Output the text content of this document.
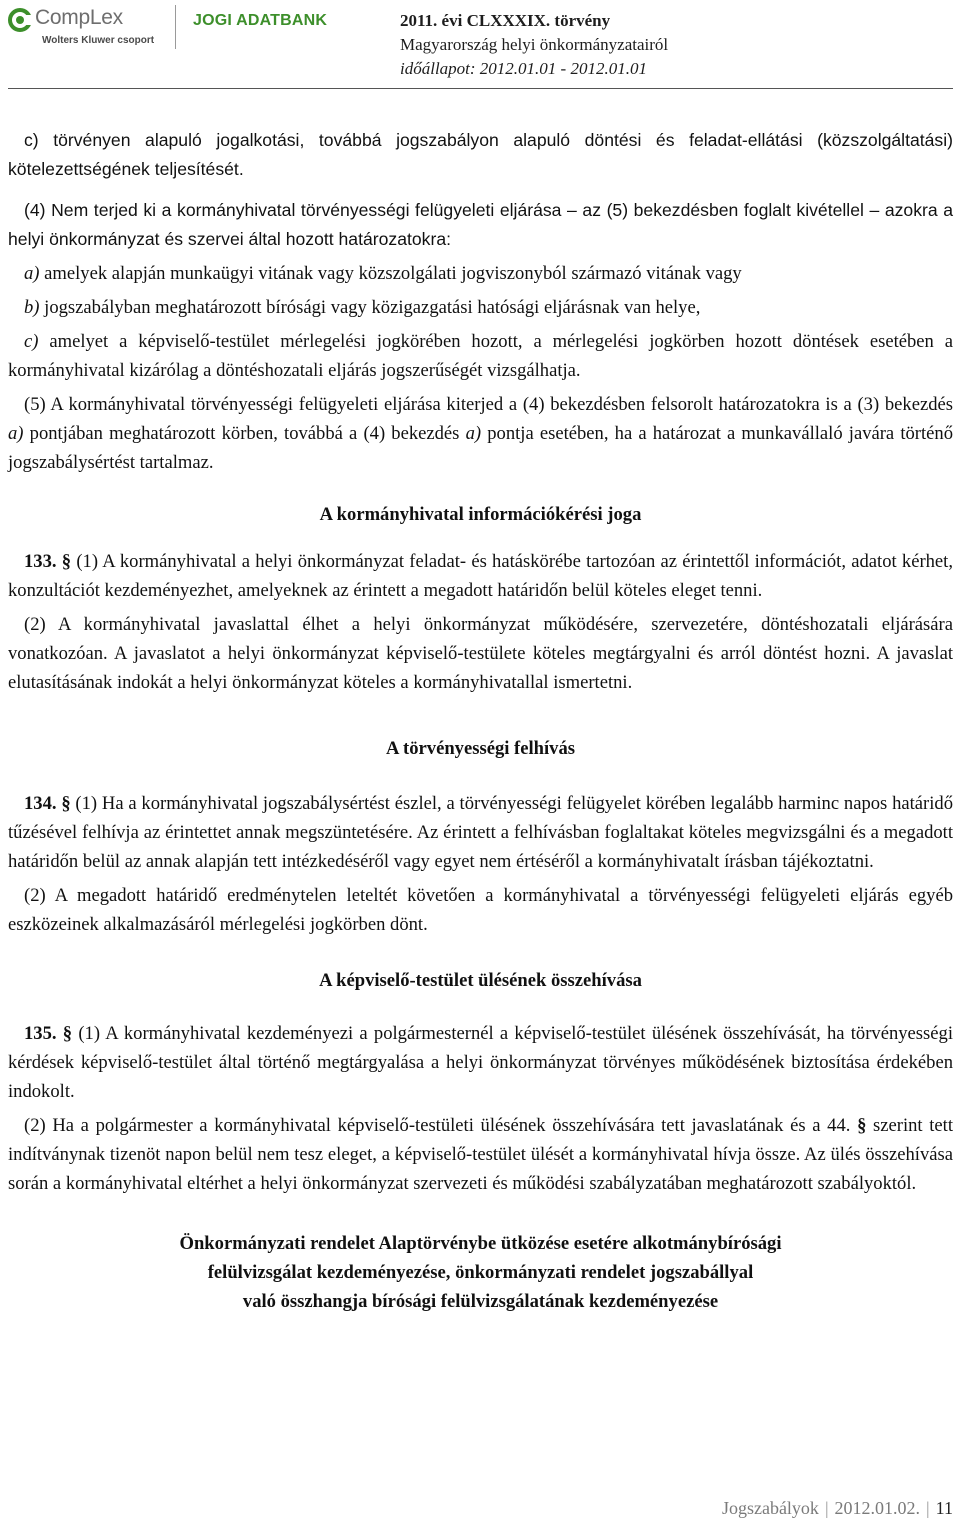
CompLex
Wolters Kluwer csoport
JOGI ADATBANK	2011. évi CLXXXIX. törvény
Magyarország helyi önkormányzatairól
időállapot: 2012.01.01 - 2012.01.01

c) törvényen alapuló jogalkotási, továbbá jogszabályon alapuló döntési és feladat-ellátási (közszolgáltatási) kötelezettségének teljesítését.

(4) Nem terjed ki a kormányhivatal törvényességi felügyeleti eljárása – az (5) bekezdésben foglalt kivétellel – azokra a helyi önkormányzat és szervei által hozott határozatokra:

a) amelyek alapján munkaügyi vitának vagy közszolgálati jogviszonyból származó vitának vagy

b) jogszabályban meghatározott bírósági vagy közigazgatási hatósági eljárásnak van helye,

c) amelyet a képviselő-testület mérlegelési jogkörében hozott, a mérlegelési jogkörben hozott döntések esetében a kormányhivatal kizárólag a döntéshozatali eljárás jogszerűségét vizsgálhatja.

(5) A kormányhivatal törvényességi felügyeleti eljárása kiterjed a (4) bekezdésben felsorolt határozatokra is a (3) bekezdés a) pontjában meghatározott körben, továbbá a (4) bekezdés a) pontja esetében, ha a határozat a munkavállaló javára történő jogszabálysértést tartalmaz.

A kormányhivatal információkérési joga

133. § (1) A kormányhivatal a helyi önkormányzat feladat- és hatáskörébe tartozóan az érintettől információt, adatot kérhet, konzultációt kezdeményezhet, amelyeknek az érintett a megadott határidőn belül köteles eleget tenni.

(2) A kormányhivatal javaslattal élhet a helyi önkormányzat működésére, szervezetére, döntéshozatali eljárására vonatkozóan. A javaslatot a helyi önkormányzat képviselő-testülete köteles megtárgyalni és arról döntést hozni. A javaslat elutasításának indokát a helyi önkormányzat köteles a kormányhivatallal ismertetni.

A törvényességi felhívás

134. § (1) Ha a kormányhivatal jogszabálysértést észlel, a törvényességi felügyelet körében legalább harminc napos határidő tűzésével felhívja az érintettet annak megszüntetésére. Az érintett a felhívásban foglaltakat köteles megvizsgálni és a megadott határidőn belül az annak alapján tett intézkedéséről vagy egyet nem értéséről a kormányhivatalt írásban tájékoztatni.

(2) A megadott határidő eredménytelen leteltét követően a kormányhivatal a törvényességi felügyeleti eljárás egyéb eszközeinek alkalmazásáról mérlegelési jogkörben dönt.

A képviselő-testület ülésének összehívása

135. § (1) A kormányhivatal kezdeményezi a polgármesternél a képviselő-testület ülésének összehívását, ha törvényességi kérdések képviselő-testület által történő megtárgyalása a helyi önkormányzat törvényes működésének biztosítása érdekében indokolt.

(2) Ha a polgármester a kormányhivatal képviselő-testületi ülésének összehívására tett javaslatának és a 44. § szerint tett indítványnak tizenöt napon belül nem tesz eleget, a képviselő-testület ülését a kormányhivatal hívja össze. Az ülés összehívása során a kormányhivatal eltérhet a helyi önkormányzat szervezeti és működési szabályzatában meghatározott szabályoktól.

Önkormányzati rendelet Alaptörvénybe ütközése esetére alkotmánybírósági
felülvizsgálat kezdeményezése, önkormányzati rendelet jogszabállyal
való összhangja bírósági felülvizsgálatának kezdeményezése
Jogszabályok | 2012.01.02. | 11
